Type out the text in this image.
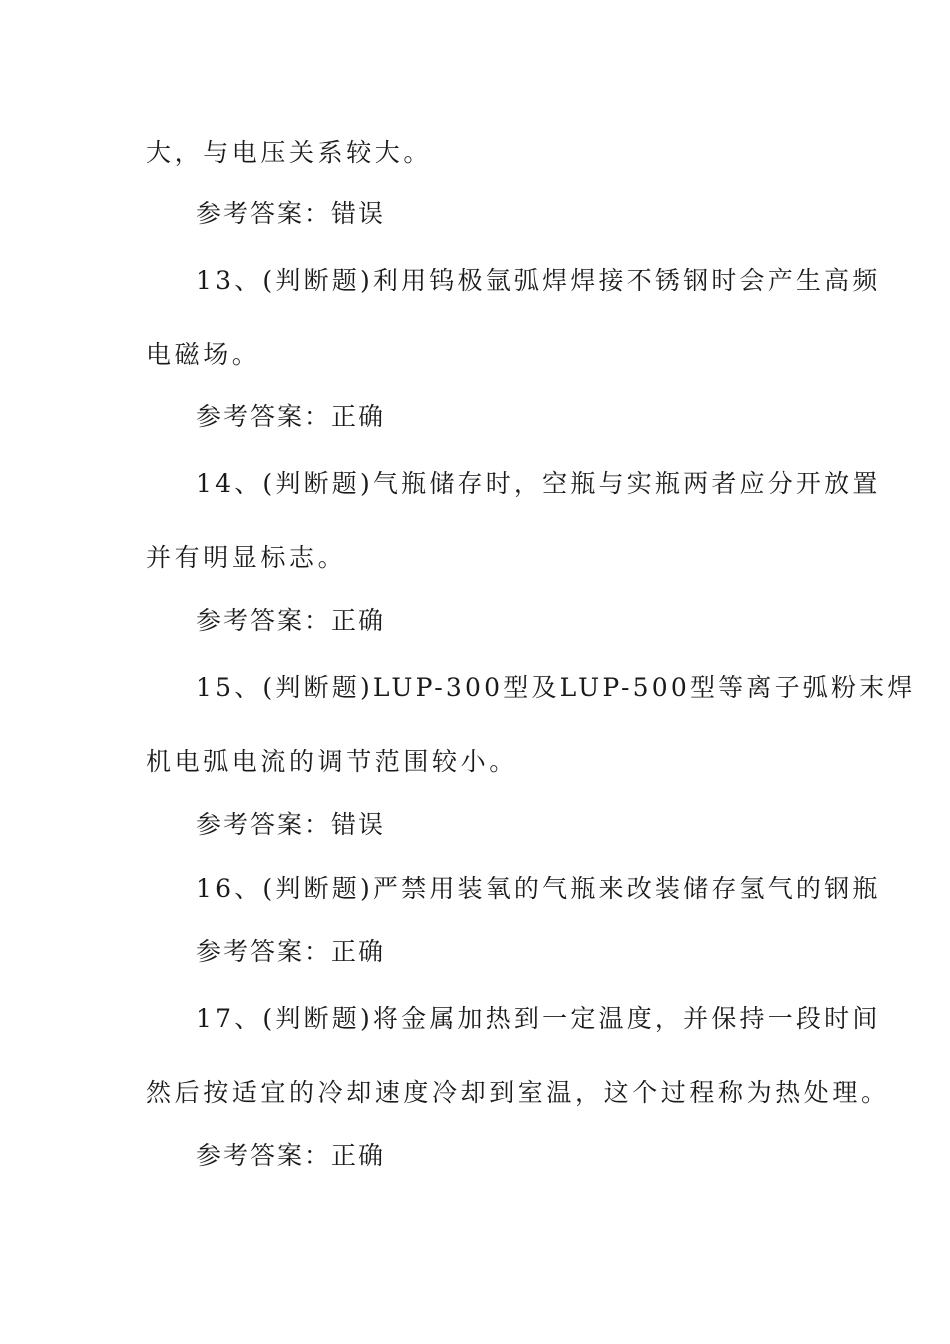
大，与电压关系较大。
参考答案：错误
13、(判断题)利用钨极氩弧焊焊接不锈钢时会产生高频
电磁场。
参考答案：正确
14、(判断题)气瓶储存时，空瓶与实瓶两者应分开放置
并有明显标志。
参考答案：正确
15、(判断题)LUP-300型及LUP-500型等离子弧粉末焊
机电弧电流的调节范围较小。
参考答案：错误
16、(判断题)严禁用装氧的气瓶来改装储存氢气的钢瓶
参考答案：正确
17、(判断题)将金属加热到一定温度，并保持一段时间
然后按适宜的冷却速度冷却到室温，这个过程称为热处理。
参考答案：正确
